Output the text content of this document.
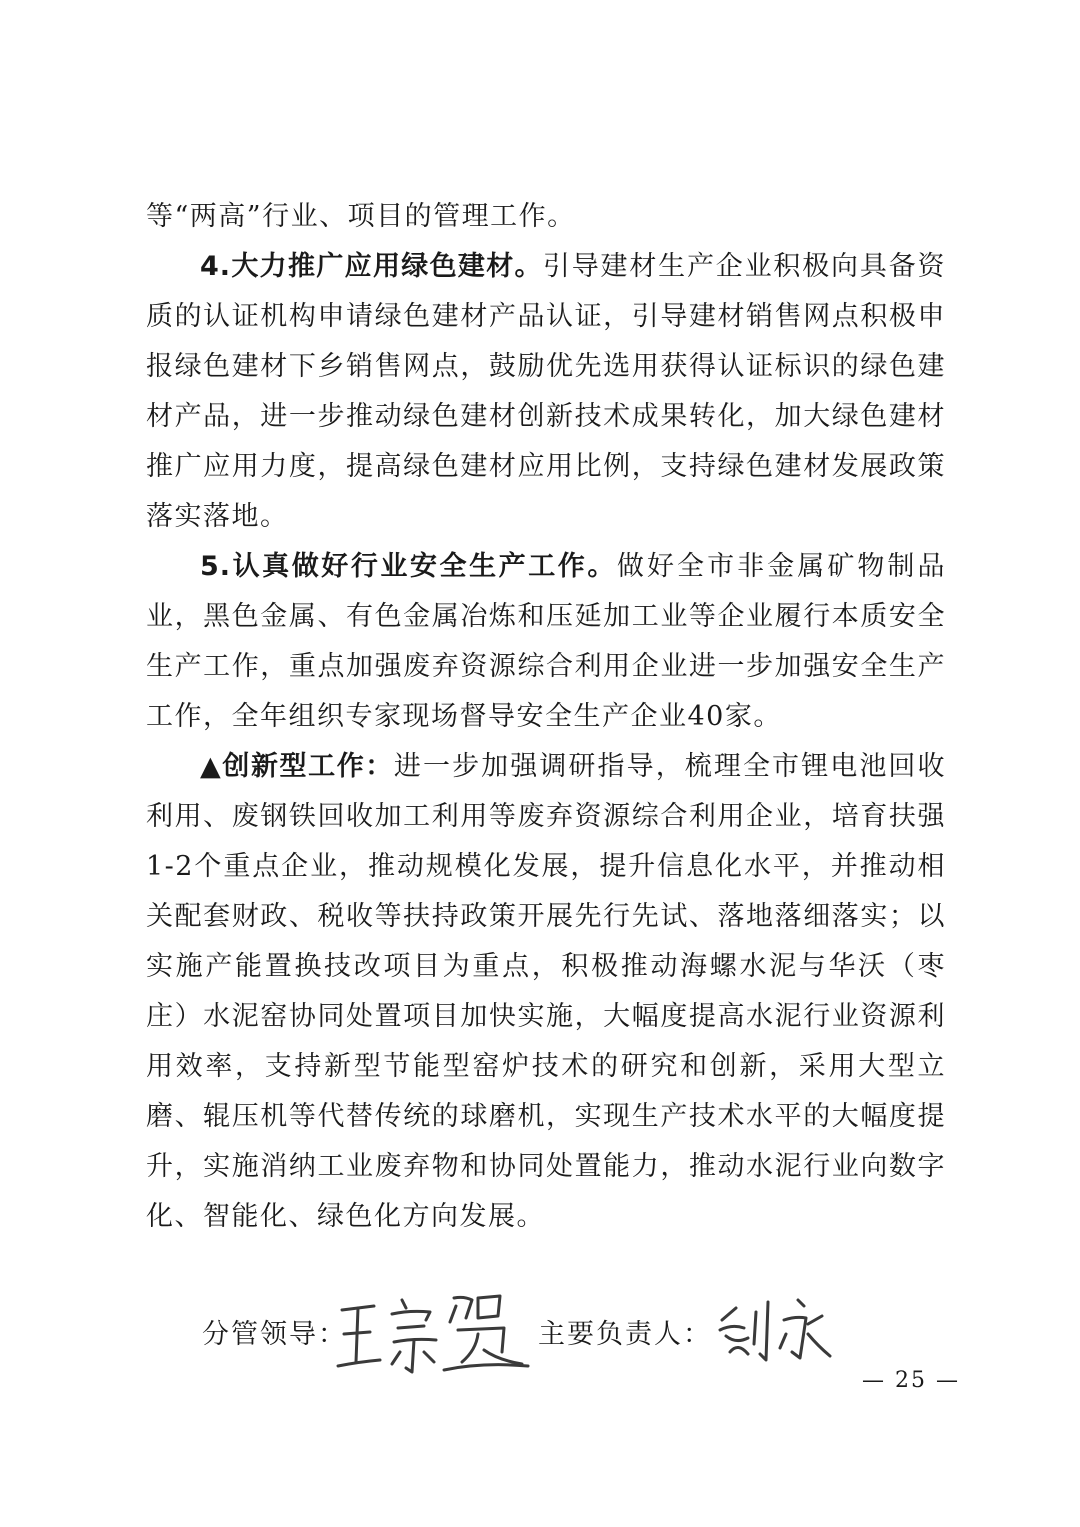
等“两高”行业、项目的管理工作。

4.大力推广应用绿色建材。引导建材生产企业积极向具备资质的认证机构申请绿色建材产品认证，引导建材销售网点积极申报绿色建材下乡销售网点，鼓励优先选用获得认证标识的绿色建材产品，进一步推动绿色建材创新技术成果转化，加大绿色建材推广应用力度，提高绿色建材应用比例，支持绿色建材发展政策落实落地。

5.认真做好行业安全生产工作。做好全市非金属矿物制品业，黑色金属、有色金属冶炼和压延加工业等企业履行本质安全生产工作，重点加强废弃资源综合利用企业进一步加强安全生产工作，全年组织专家现场督导安全生产企业40家。

▲创新型工作：进一步加强调研指导，梳理全市锂电池回收利用、废钢铁回收加工利用等废弃资源综合利用企业，培育扶强1-2个重点企业，推动规模化发展，提升信息化水平，并推动相关配套财政、税收等扶持政策开展先行先试、落地落细落实；以实施产能置换技改项目为重点，积极推动海螺水泥与华沃（枣庄）水泥窑协同处置项目加快实施，大幅度提高水泥行业资源利用效率，支持新型节能型窑炉技术的研究和创新，采用大型立磨、辊压机等代替传统的球磨机，实现生产技术水平的大幅度提升，实施消纳工业废弃物和协同处置能力，推动水泥行业向数字化、智能化、绿色化方向发展。

分管领导：	主要负责人：
— 25 —
